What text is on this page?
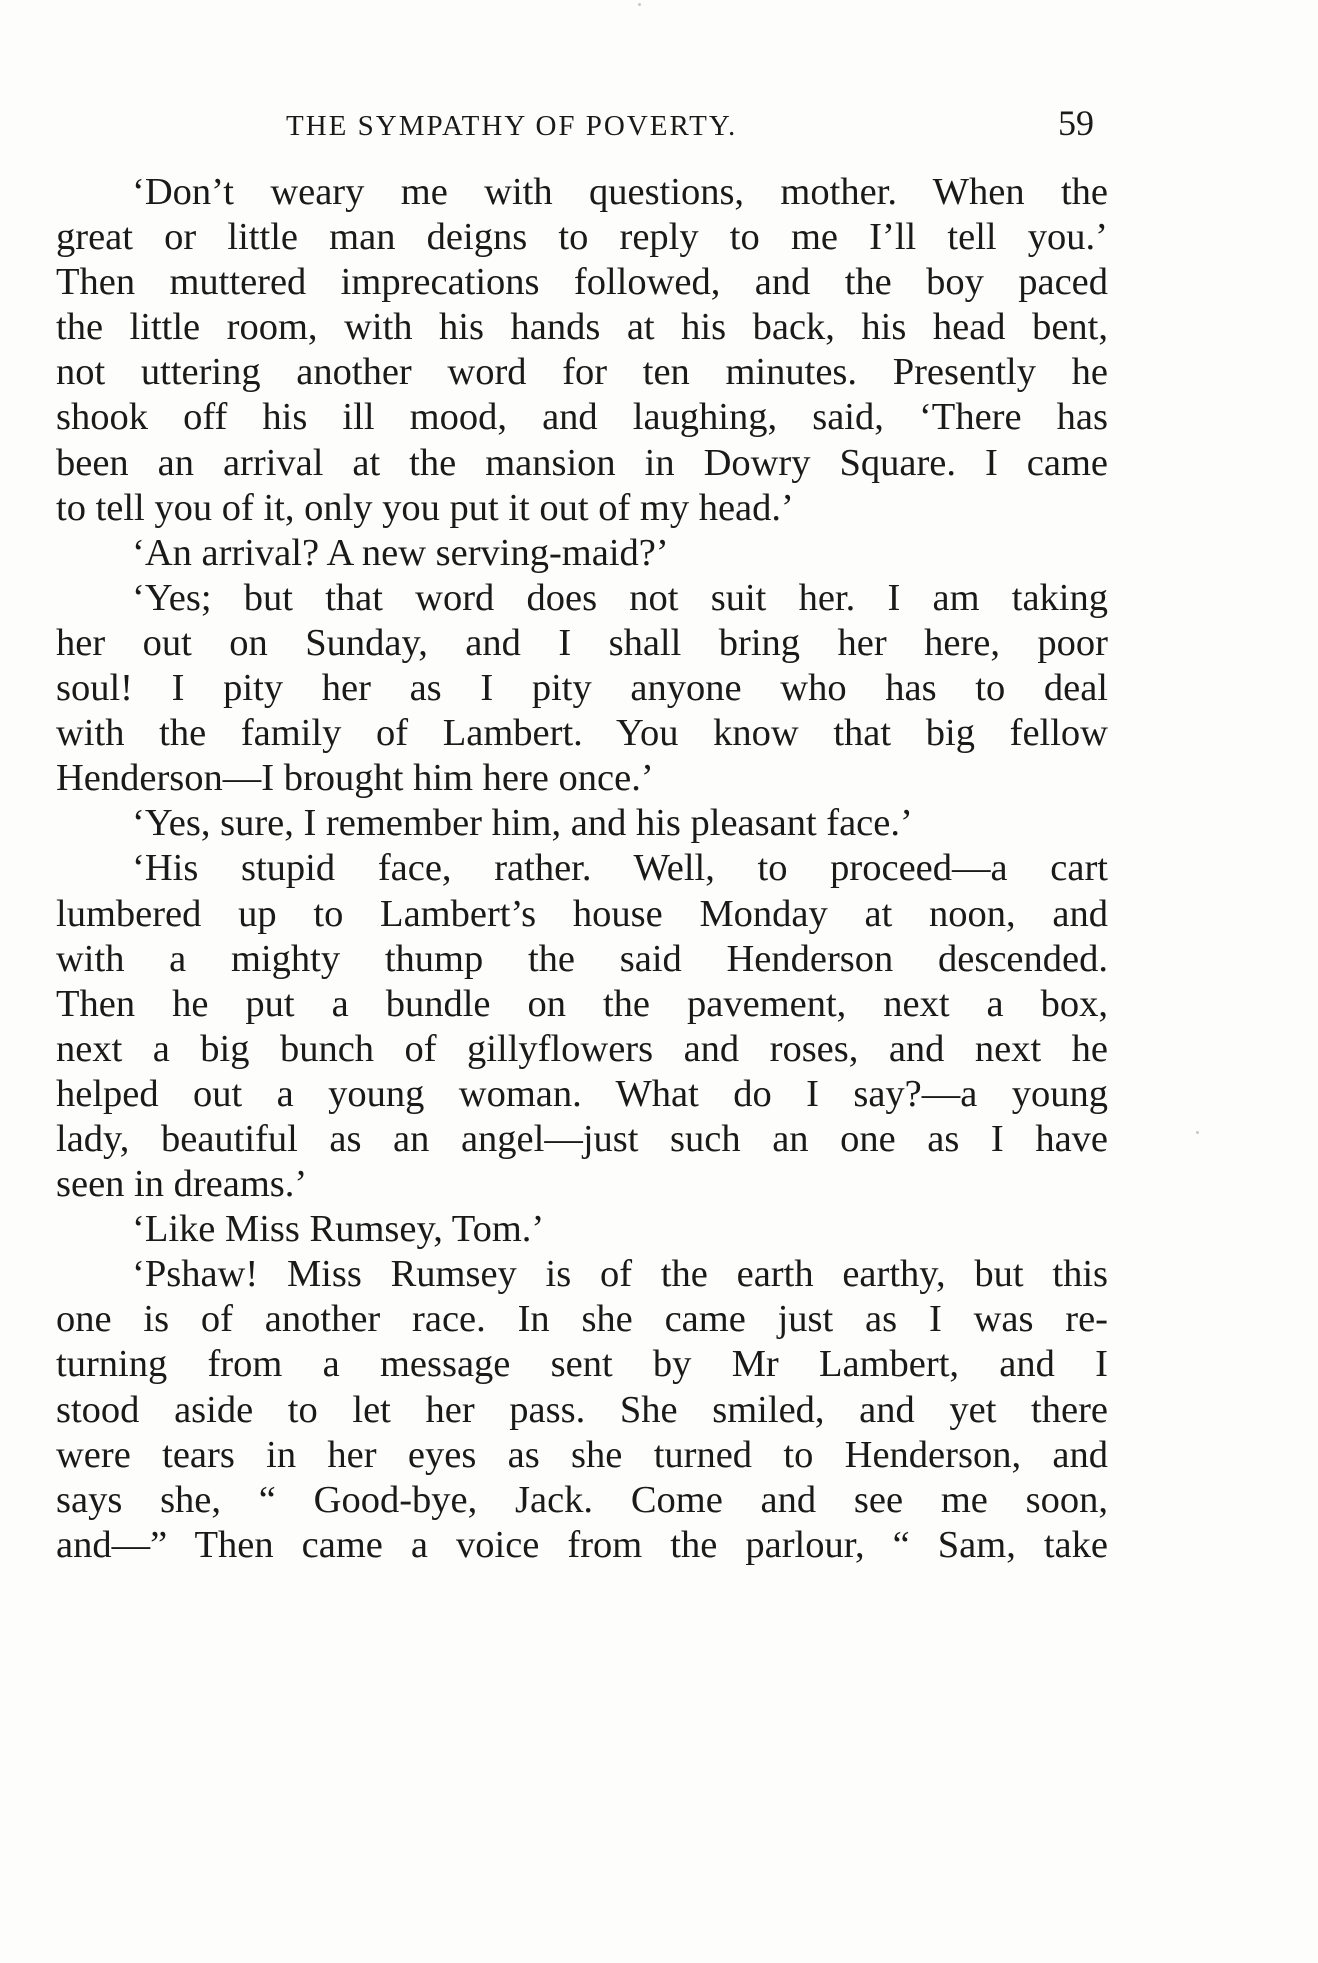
THE SYMPATHY OF POVERTY.	59
‘Don’t weary me with questions, mother. When the
great or little man deigns to reply to me I’ll tell you.’
Then muttered imprecations followed, and the boy paced
the little room, with his hands at his back, his head bent,
not uttering another word for ten minutes. Presently he
shook off his ill mood, and laughing, said, ‘There has
been an arrival at the mansion in Dowry Square. I came
to tell you of it, only you put it out of my head.’
‘An arrival? A new serving-maid?’
‘Yes; but that word does not suit her. I am taking
her out on Sunday, and I shall bring her here, poor
soul! I pity her as I pity anyone who has to deal
with the family of Lambert. You know that big fellow
Henderson—I brought him here once.’
‘Yes, sure, I remember him, and his pleasant face.’
‘His stupid face, rather. Well, to proceed—a cart
lumbered up to Lambert’s house Monday at noon, and
with a mighty thump the said Henderson descended.
Then he put a bundle on the pavement, next a box,
next a big bunch of gillyflowers and roses, and next he
helped out a young woman. What do I say?—a young
lady, beautiful as an angel—just such an one as I have
seen in dreams.’
‘Like Miss Rumsey, Tom.’
‘Pshaw! Miss Rumsey is of the earth earthy, but this
one is of another race. In she came just as I was re-
turning from a message sent by Mr Lambert, and I
stood aside to let her pass. She smiled, and yet there
were tears in her eyes as she turned to Henderson, and
says she, “ Good-bye, Jack. Come and see me soon,
and—” Then came a voice from the parlour, “ Sam, take
